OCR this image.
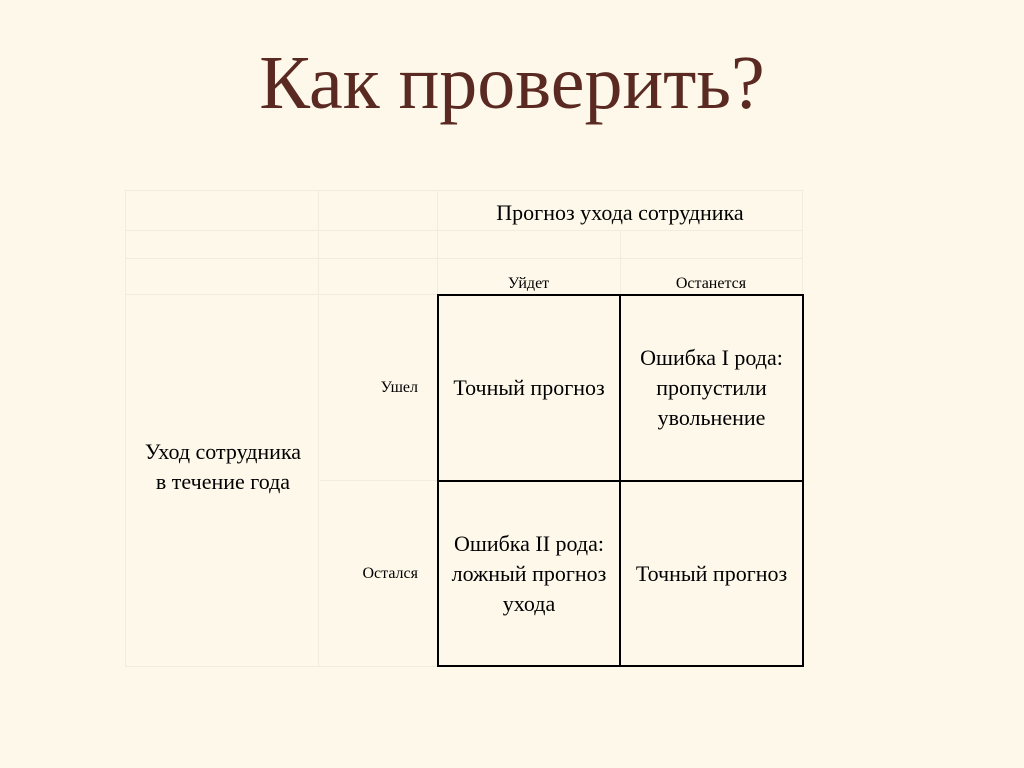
Как проверить?
Прогноз ухода сотрудника
Уйдет	Останется
Уход сотрудника
в течение года
Ушел
Остался
Точный прогноз
Ошибка I рода:
пропустили
увольнение
Ошибка II рода:
ложный прогноз
ухода
Точный прогноз
